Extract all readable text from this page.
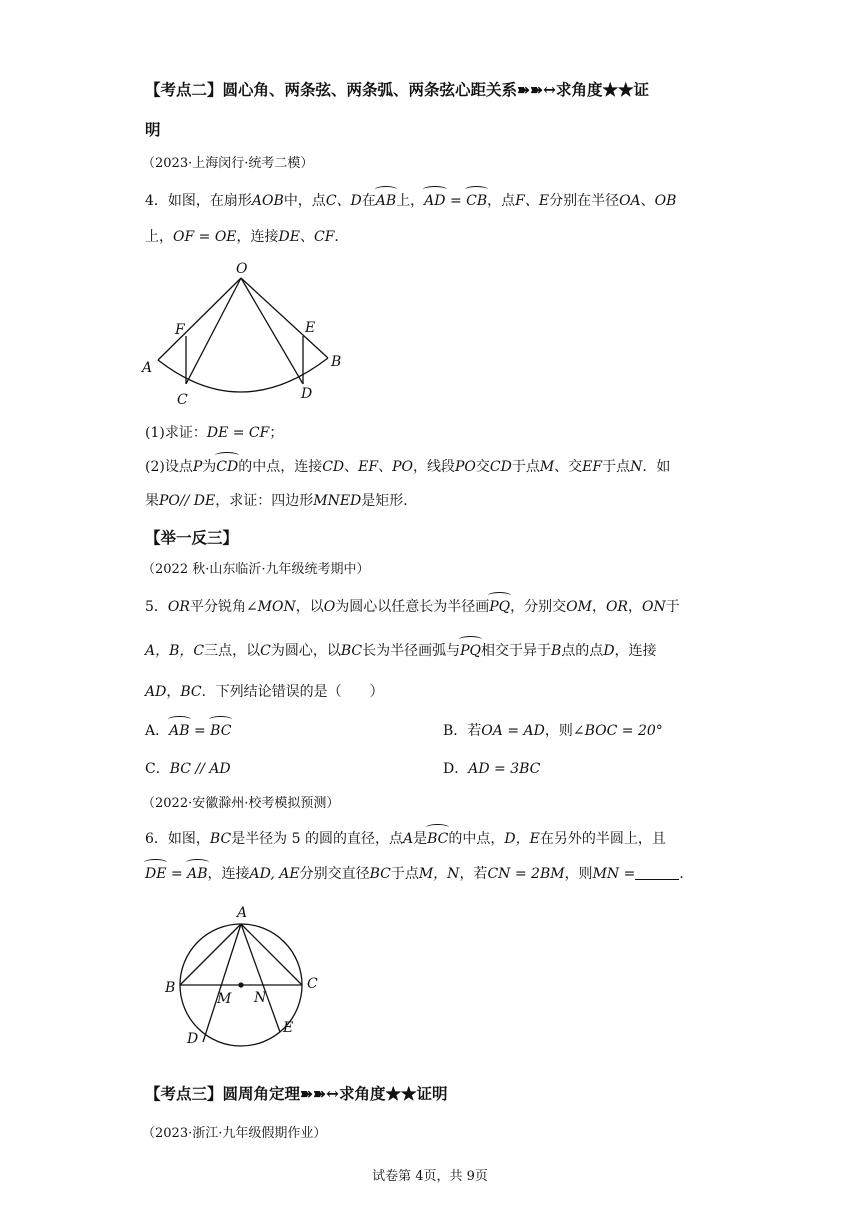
【考点二】圆心角、两条弦、两条弧、两条弦心距关系➽➽↔求角度★★证
明
（2023·上海闵行·统考二模）
4．如图，在扇形AOB中，点C、D在AB上，AD = CB，点F、E分别在半径OA、OB
上，OF = OE，连接DE、CF．
O
F	E
A	B
C	D
(1)求证：DE = CF；
(2)设点P为CD的中点，连接CD、EF、PO，线段PO交CD于点M、交EF于点N．如
果PO// DE，求证：四边形MNED是矩形．
【举一反三】
（2022 秋·山东临沂·九年级统考期中）
5．OR平分锐角∠MON，以O为圆心以任意长为半径画PQ，分别交OM，OR，ON于
A，B，C三点，以C为圆心，以BC长为半径画弧与PQ相交于异于B点的点D，连接
AD，BC．下列结论错误的是（　　）
A．AB = BC	B．若OA = AD，则∠BOC = 20°
C．BC // AD	D．AD = 3BC
（2022·安徽滁州·校考模拟预测）
6．如图，BC是半径为 5 的圆的直径，点A是BC的中点，D，E在另外的半圆上，且
DE = AB，连接AD, AE分别交直径BC于点M，N，若CN = 2BM，则MN =	．
A
B	C
M N
D
E
【考点三】圆周角定理➽➽↔求角度★★证明
（2023·浙江·九年级假期作业）
试卷第 4页，共 9页
